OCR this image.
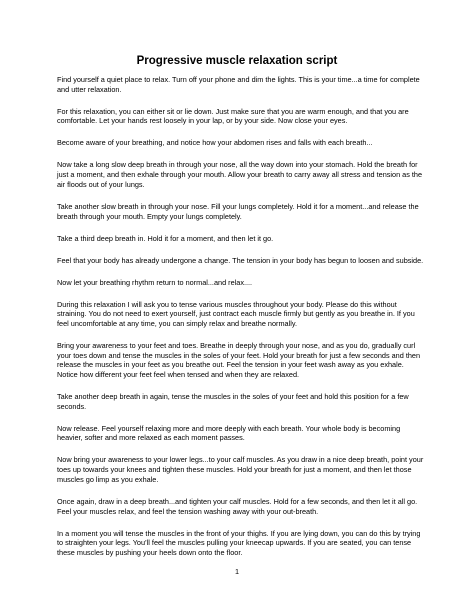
Progressive muscle relaxation script

Find yourself a quiet place to relax. Turn off your phone and dim the lights. This is your time...a time for complete and utter relaxation.

For this relaxation, you can either sit or lie down. Just make sure that you are warm enough, and that you are comfortable. Let your hands rest loosely in your lap, or by your side. Now close your eyes.

Become aware of your breathing, and notice how your abdomen rises and falls with each breath...

Now take a long slow deep breath in through your nose, all the way down into your stomach. Hold the breath for just a moment, and then exhale through your mouth. Allow your breath to carry away all stress and tension as the air floods out of your lungs.

Take another slow breath in through your nose. Fill your lungs completely. Hold it for a moment...and release the breath through your mouth. Empty your lungs completely.

Take a third deep breath in. Hold it for a moment, and then let it go.

Feel that your body has already undergone a change. The tension in your body has begun to loosen and subside.

Now let your breathing rhythm return to normal...and relax....

During this relaxation I will ask you to tense various muscles throughout your body. Please do this without straining. You do not need to exert yourself, just contract each muscle firmly but gently as you breathe in. If you feel uncomfortable at any time, you can simply relax and breathe normally.

Bring your awareness to your feet and toes. Breathe in deeply through your nose, and as you do, gradually curl your toes down and tense the muscles in the soles of your feet. Hold your breath for just a few seconds and then release the muscles in your feet as you breathe out. Feel the tension in your feet wash away as you exhale. Notice how different your feet feel when tensed and when they are relaxed.

Take another deep breath in again, tense the muscles in the soles of your feet and hold this position for a few seconds.

Now release. Feel yourself relaxing more and more deeply with each breath. Your whole body is becoming heavier, softer and more relaxed as each moment passes.

Now bring your awareness to your lower legs...to your calf muscles. As you draw in a nice deep breath, point your toes up towards your knees and tighten these muscles. Hold your breath for just a moment, and then let those muscles go limp as you exhale.

Once again, draw in a deep breath...and tighten your calf muscles. Hold for a few seconds, and then let it all go. Feel your muscles relax, and feel the tension washing away with your out-breath.

In a moment you will tense the muscles in the front of your thighs. If you are lying down, you can do this by trying to straighten your legs. You’ll feel the muscles pulling your kneecap upwards. If you are seated, you can tense these muscles by pushing your heels down onto the floor.

1
